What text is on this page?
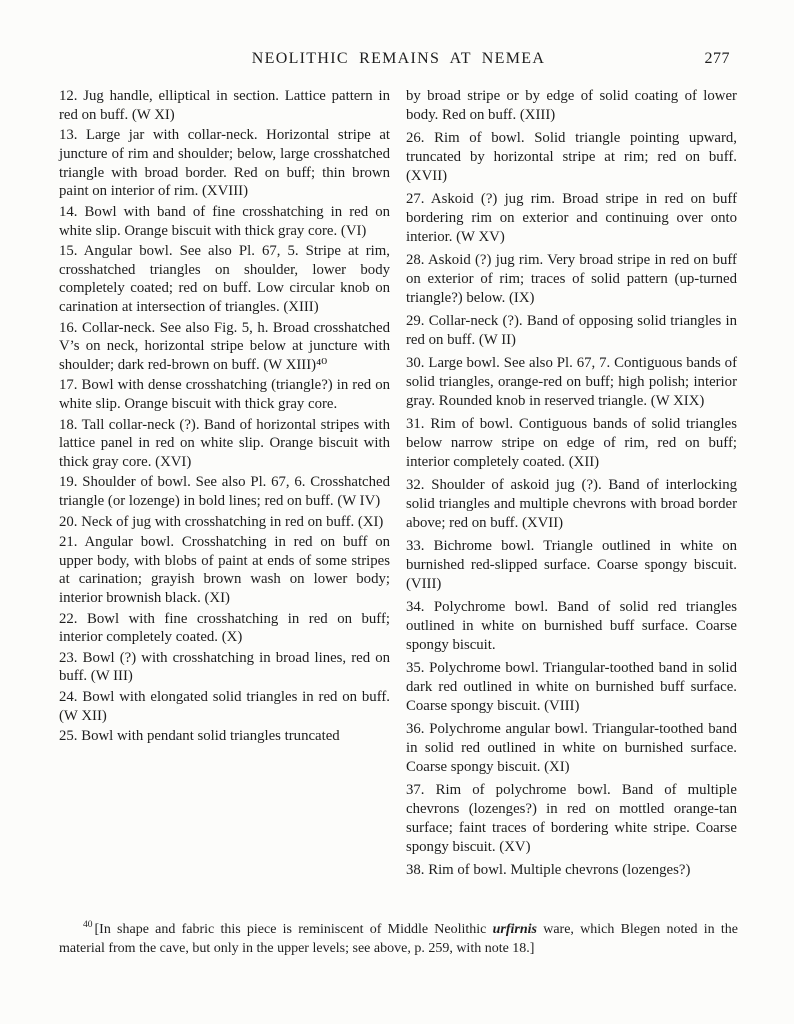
NEOLITHIC REMAINS AT NEMEA	277

12. Jug handle, elliptical in section. Lattice pattern in red on buff. (W XI)

13. Large jar with collar-neck. Horizontal stripe at juncture of rim and shoulder; below, large crosshatched triangle with broad border. Red on buff; thin brown paint on interior of rim. (XVIII)

14. Bowl with band of fine crosshatching in red on white slip. Orange biscuit with thick gray core. (VI)

15. Angular bowl. See also Pl. 67, 5. Stripe at rim, crosshatched triangles on shoulder, lower body completely coated; red on buff. Low circular knob on carination at intersection of triangles. (XIII)

16. Collar-neck. See also Fig. 5, h. Broad crosshatched V’s on neck, horizontal stripe below at juncture with shoulder; dark red-brown on buff. (W XIII)⁴⁰

17. Bowl with dense crosshatching (triangle?) in red on white slip. Orange biscuit with thick gray core.

18. Tall collar-neck (?). Band of horizontal stripes with lattice panel in red on white slip. Orange biscuit with thick gray core. (XVI)

19. Shoulder of bowl. See also Pl. 67, 6. Crosshatched triangle (or lozenge) in bold lines; red on buff. (W IV)

20. Neck of jug with crosshatching in red on buff. (XI)

21. Angular bowl. Crosshatching in red on buff on upper body, with blobs of paint at ends of some stripes at carination; grayish brown wash on lower body; interior brownish black. (XI)

22. Bowl with fine crosshatching in red on buff; interior completely coated. (X)

23. Bowl (?) with crosshatching in broad lines, red on buff. (W III)

24. Bowl with elongated solid triangles in red on buff. (W XII)

25. Bowl with pendant solid triangles truncated

by broad stripe or by edge of solid coating of lower body. Red on buff. (XIII)

26. Rim of bowl. Solid triangle pointing upward, truncated by horizontal stripe at rim; red on buff. (XVII)

27. Askoid (?) jug rim. Broad stripe in red on buff bordering rim on exterior and continuing over onto interior. (W XV)

28. Askoid (?) jug rim. Very broad stripe in red on buff on exterior of rim; traces of solid pattern (up-turned triangle?) below. (IX)

29. Collar-neck (?). Band of opposing solid triangles in red on buff. (W II)

30. Large bowl. See also Pl. 67, 7. Contiguous bands of solid triangles, orange-red on buff; high polish; interior gray. Rounded knob in reserved triangle. (W XIX)

31. Rim of bowl. Contiguous bands of solid triangles below narrow stripe on edge of rim, red on buff; interior completely coated. (XII)

32. Shoulder of askoid jug (?). Band of interlocking solid triangles and multiple chevrons with broad border above; red on buff. (XVII)

33. Bichrome bowl. Triangle outlined in white on burnished red-slipped surface. Coarse spongy biscuit. (VIII)

34. Polychrome bowl. Band of solid red triangles outlined in white on burnished buff surface. Coarse spongy biscuit.

35. Polychrome bowl. Triangular-toothed band in solid dark red outlined in white on burnished buff surface. Coarse spongy biscuit. (VIII)

36. Polychrome angular bowl. Triangular-toothed band in solid red outlined in white on burnished surface. Coarse spongy biscuit. (XI)

37. Rim of polychrome bowl. Band of multiple chevrons (lozenges?) in red on mottled orange-tan surface; faint traces of bordering white stripe. Coarse spongy biscuit. (XV)

38. Rim of bowl. Multiple chevrons (lozenges?)

$^{40}$ [In shape and fabric this piece is reminiscent of Middle Neolithic urfirnis ware, which Blegen noted in the material from the cave, but only in the upper levels; see above, p. 259, with note 18.]
